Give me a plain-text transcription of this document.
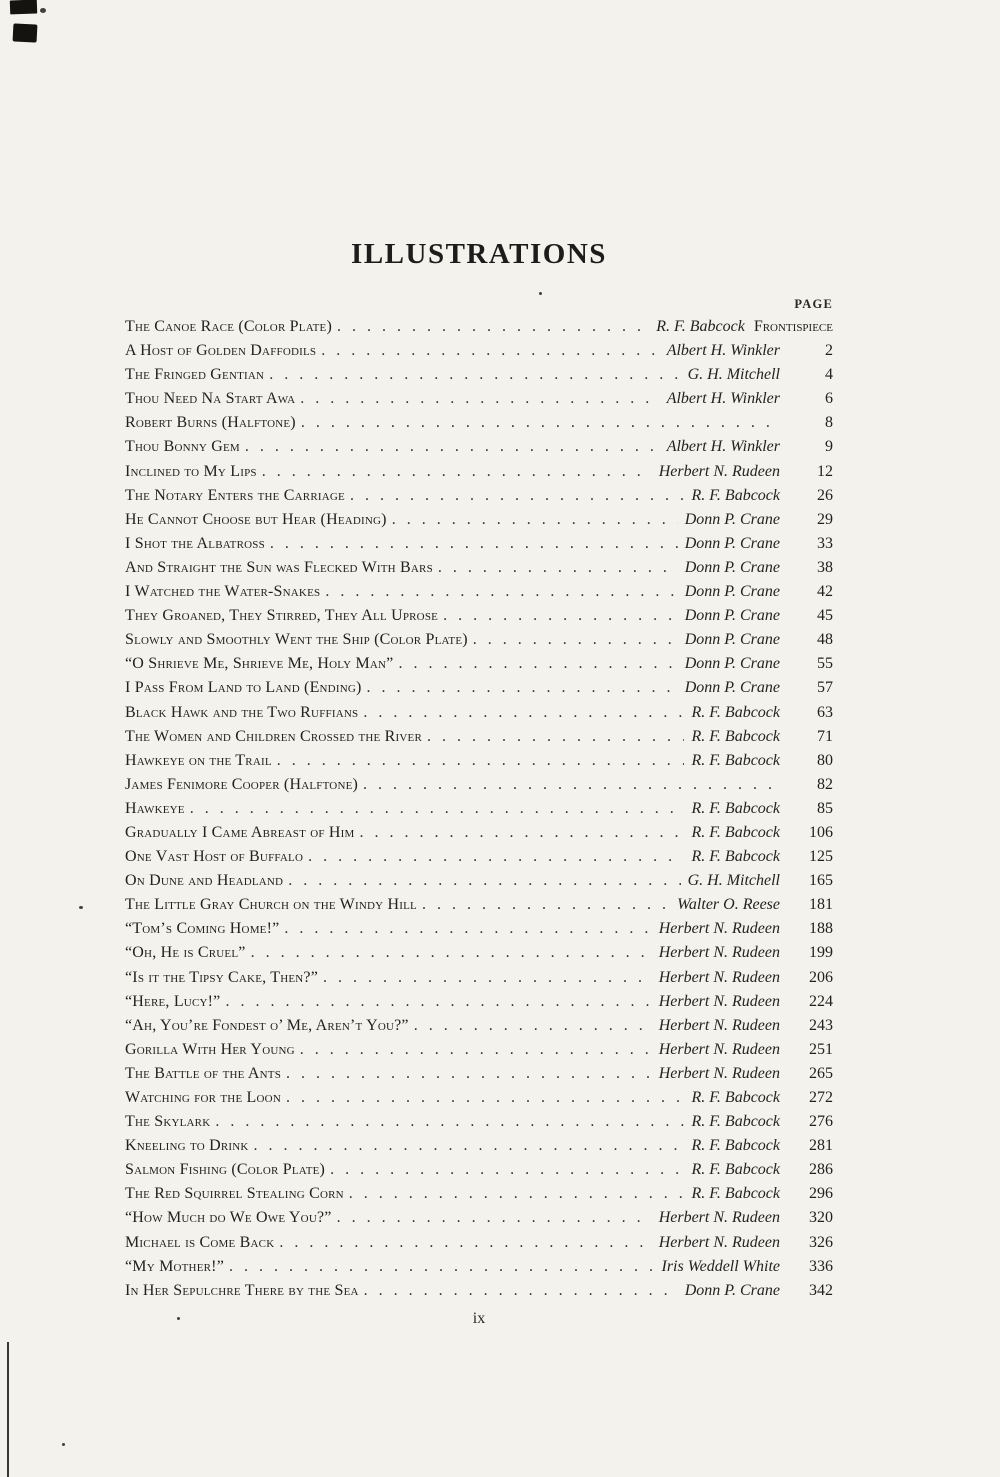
ILLUSTRATIONS
PAGE
The Canoe Race (Color Plate) . . .	R. F. Babcock Frontispiece
A Host of Golden Daffodils . . .	Albert H. Winkler	2
The Fringed Gentian . . .	G. H. Mitchell	4
Thou Need Na Start Awa . . .	Albert H. Winkler	6
Robert Burns (Halftone) . . .	8
Thou Bonny Gem . . .	Albert H. Winkler	9
Inclined to My Lips . . .	Herbert N. Rudeen	12
The Notary Enters the Carriage . . .	R. F. Babcock	26
He Cannot Choose but Hear (Heading) . . .	Donn P. Crane	29
I Shot the Albatross . . .	Donn P. Crane	33
And Straight the Sun was Flecked With Bars . . .	Donn P. Crane	38
I Watched the Water-Snakes . . .	Donn P. Crane	42
They Groaned, They Stirred, They All Uprose . . .	Donn P. Crane	45
Slowly and Smoothly Went the Ship (Color Plate) . . .	Donn P. Crane	48
“O Shrieve Me, Shrieve Me, Holy Man” . . .	Donn P. Crane	55
I Pass From Land to Land (Ending) . . .	Donn P. Crane	57
Black Hawk and the Two Ruffians . . .	R. F. Babcock	63
The Women and Children Crossed the River . . .	R. F. Babcock	71
Hawkeye on the Trail . . .	R. F. Babcock	80
James Fenimore Cooper (Halftone) . . .	82
Hawkeye . . .	R. F. Babcock	85
Gradually I Came Abreast of Him . . .	R. F. Babcock	106
One Vast Host of Buffalo . . .	R. F. Babcock	125
On Dune and Headland . . .	G. H. Mitchell	165
The Little Gray Church on the Windy Hill . . .	Walter O. Reese	181
“Tom’s Coming Home!” . . .	Herbert N. Rudeen	188
“Oh, He is Cruel” . . .	Herbert N. Rudeen	199
“Is it the Tipsy Cake, Then?” . . .	Herbert N. Rudeen	206
“Here, Lucy!” . . .	Herbert N. Rudeen	224
“Ah, You’re Fondest o’ Me, Aren’t You?” . . .	Herbert N. Rudeen	243
Gorilla With Her Young . . .	Herbert N. Rudeen	251
The Battle of the Ants . . .	Herbert N. Rudeen	265
Watching for the Loon . . .	R. F. Babcock	272
The Skylark . . .	R. F. Babcock	276
Kneeling to Drink . . .	R. F. Babcock	281
Salmon Fishing (Color Plate) . . .	R. F. Babcock	286
The Red Squirrel Stealing Corn . . .	R. F. Babcock	296
“How Much do We Owe You?” . . .	Herbert N. Rudeen	320
Michael is Come Back . . .	Herbert N. Rudeen	326
“My Mother!” . . .	Iris Weddell White	336
In Her Sepulchre There by the Sea . . .	Donn P. Crane	342
ix
